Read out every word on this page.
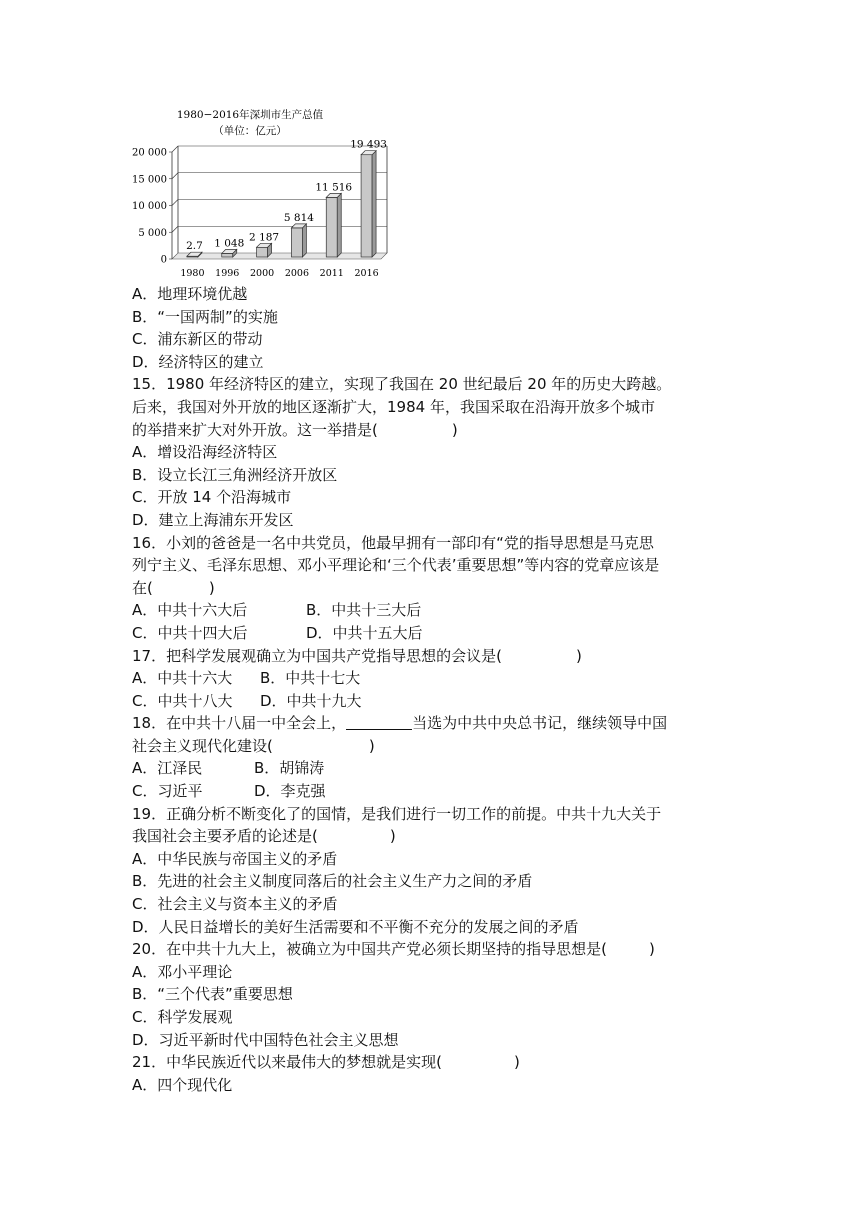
1980−2016年深圳市生产总值
（单位：亿元）
0
5 000
10 000
15 000
20 000
2.7
1980
1 048
1996
2 187
2000
5 814
2006
11 516
2011
19 493
2016
A．地理环境优越
B．“一国两制”的实施
C．浦东新区的带动
D．经济特区的建立
15．1980 年经济特区的建立，实现了我国在 20 世纪最后 20 年的历史大跨越。
后来，我国对外开放的地区逐渐扩大，1984 年，我国采取在沿海开放多个城市
的举措来扩大对外开放。这一举措是(	)
A．增设沿海经济特区
B．设立长江三角洲经济开放区
C．开放 14 个沿海城市
D．建立上海浦东开发区
16．小刘的爸爸是一名中共党员，他最早拥有一部印有“党的指导思想是马克思
列宁主义、毛泽东思想、邓小平理论和‘三个代表’重要思想”等内容的党章应该是
在(	)
A．中共十六大后	B．中共十三大后
C．中共十四大后	D．中共十五大后
17．把科学发展观确立为中国共产党指导思想的会议是(	)
A．中共十六大 B．中共十七大
C．中共十八大 D．中共十九大
18．在中共十八届一中全会上，	当选为中共中央总书记，继续领导中国
社会主义现代化建设(	)
A．江泽民	B．胡锦涛
C．习近平	D．李克强
19．正确分析不断变化了的国情，是我们进行一切工作的前提。中共十九大关于
我国社会主要矛盾的论述是(	)
A．中华民族与帝国主义的矛盾
B．先进的社会主义制度同落后的社会主义生产力之间的矛盾
C．社会主义与资本主义的矛盾
D．人民日益增长的美好生活需要和不平衡不充分的发展之间的矛盾
20．在中共十九大上，被确立为中国共产党必须长期坚持的指导思想是(	)
A．邓小平理论
B．“三个代表”重要思想
C．科学发展观
D．习近平新时代中国特色社会主义思想
21．中华民族近代以来最伟大的梦想就是实现(	)
A．四个现代化
